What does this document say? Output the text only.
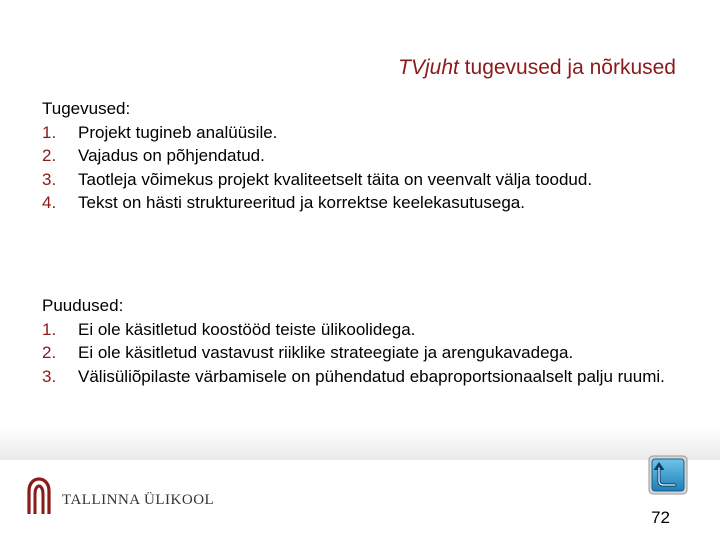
TVjuht tugevused ja nõrkused
Tugevused:
1. Projekt tugineb analüüsile.
2. Vajadus on põhjendatud.
3. Taotleja võimekus projekt kvaliteetselt täita on veenvalt välja toodud.
4. Tekst on hästi struktureeritud ja korrektse keelekasutusega.
Puudused:
1. Ei ole käsitletud koostööd teiste ülikoolidega.
2. Ei ole käsitletud vastavust riiklike strateegiate ja arengukavadega.
3. Välisüliõpilaste värbamisele on pühendatud ebaproportsionaalselt palju ruumi.
TALLINNA ÜLIKOOL
72
